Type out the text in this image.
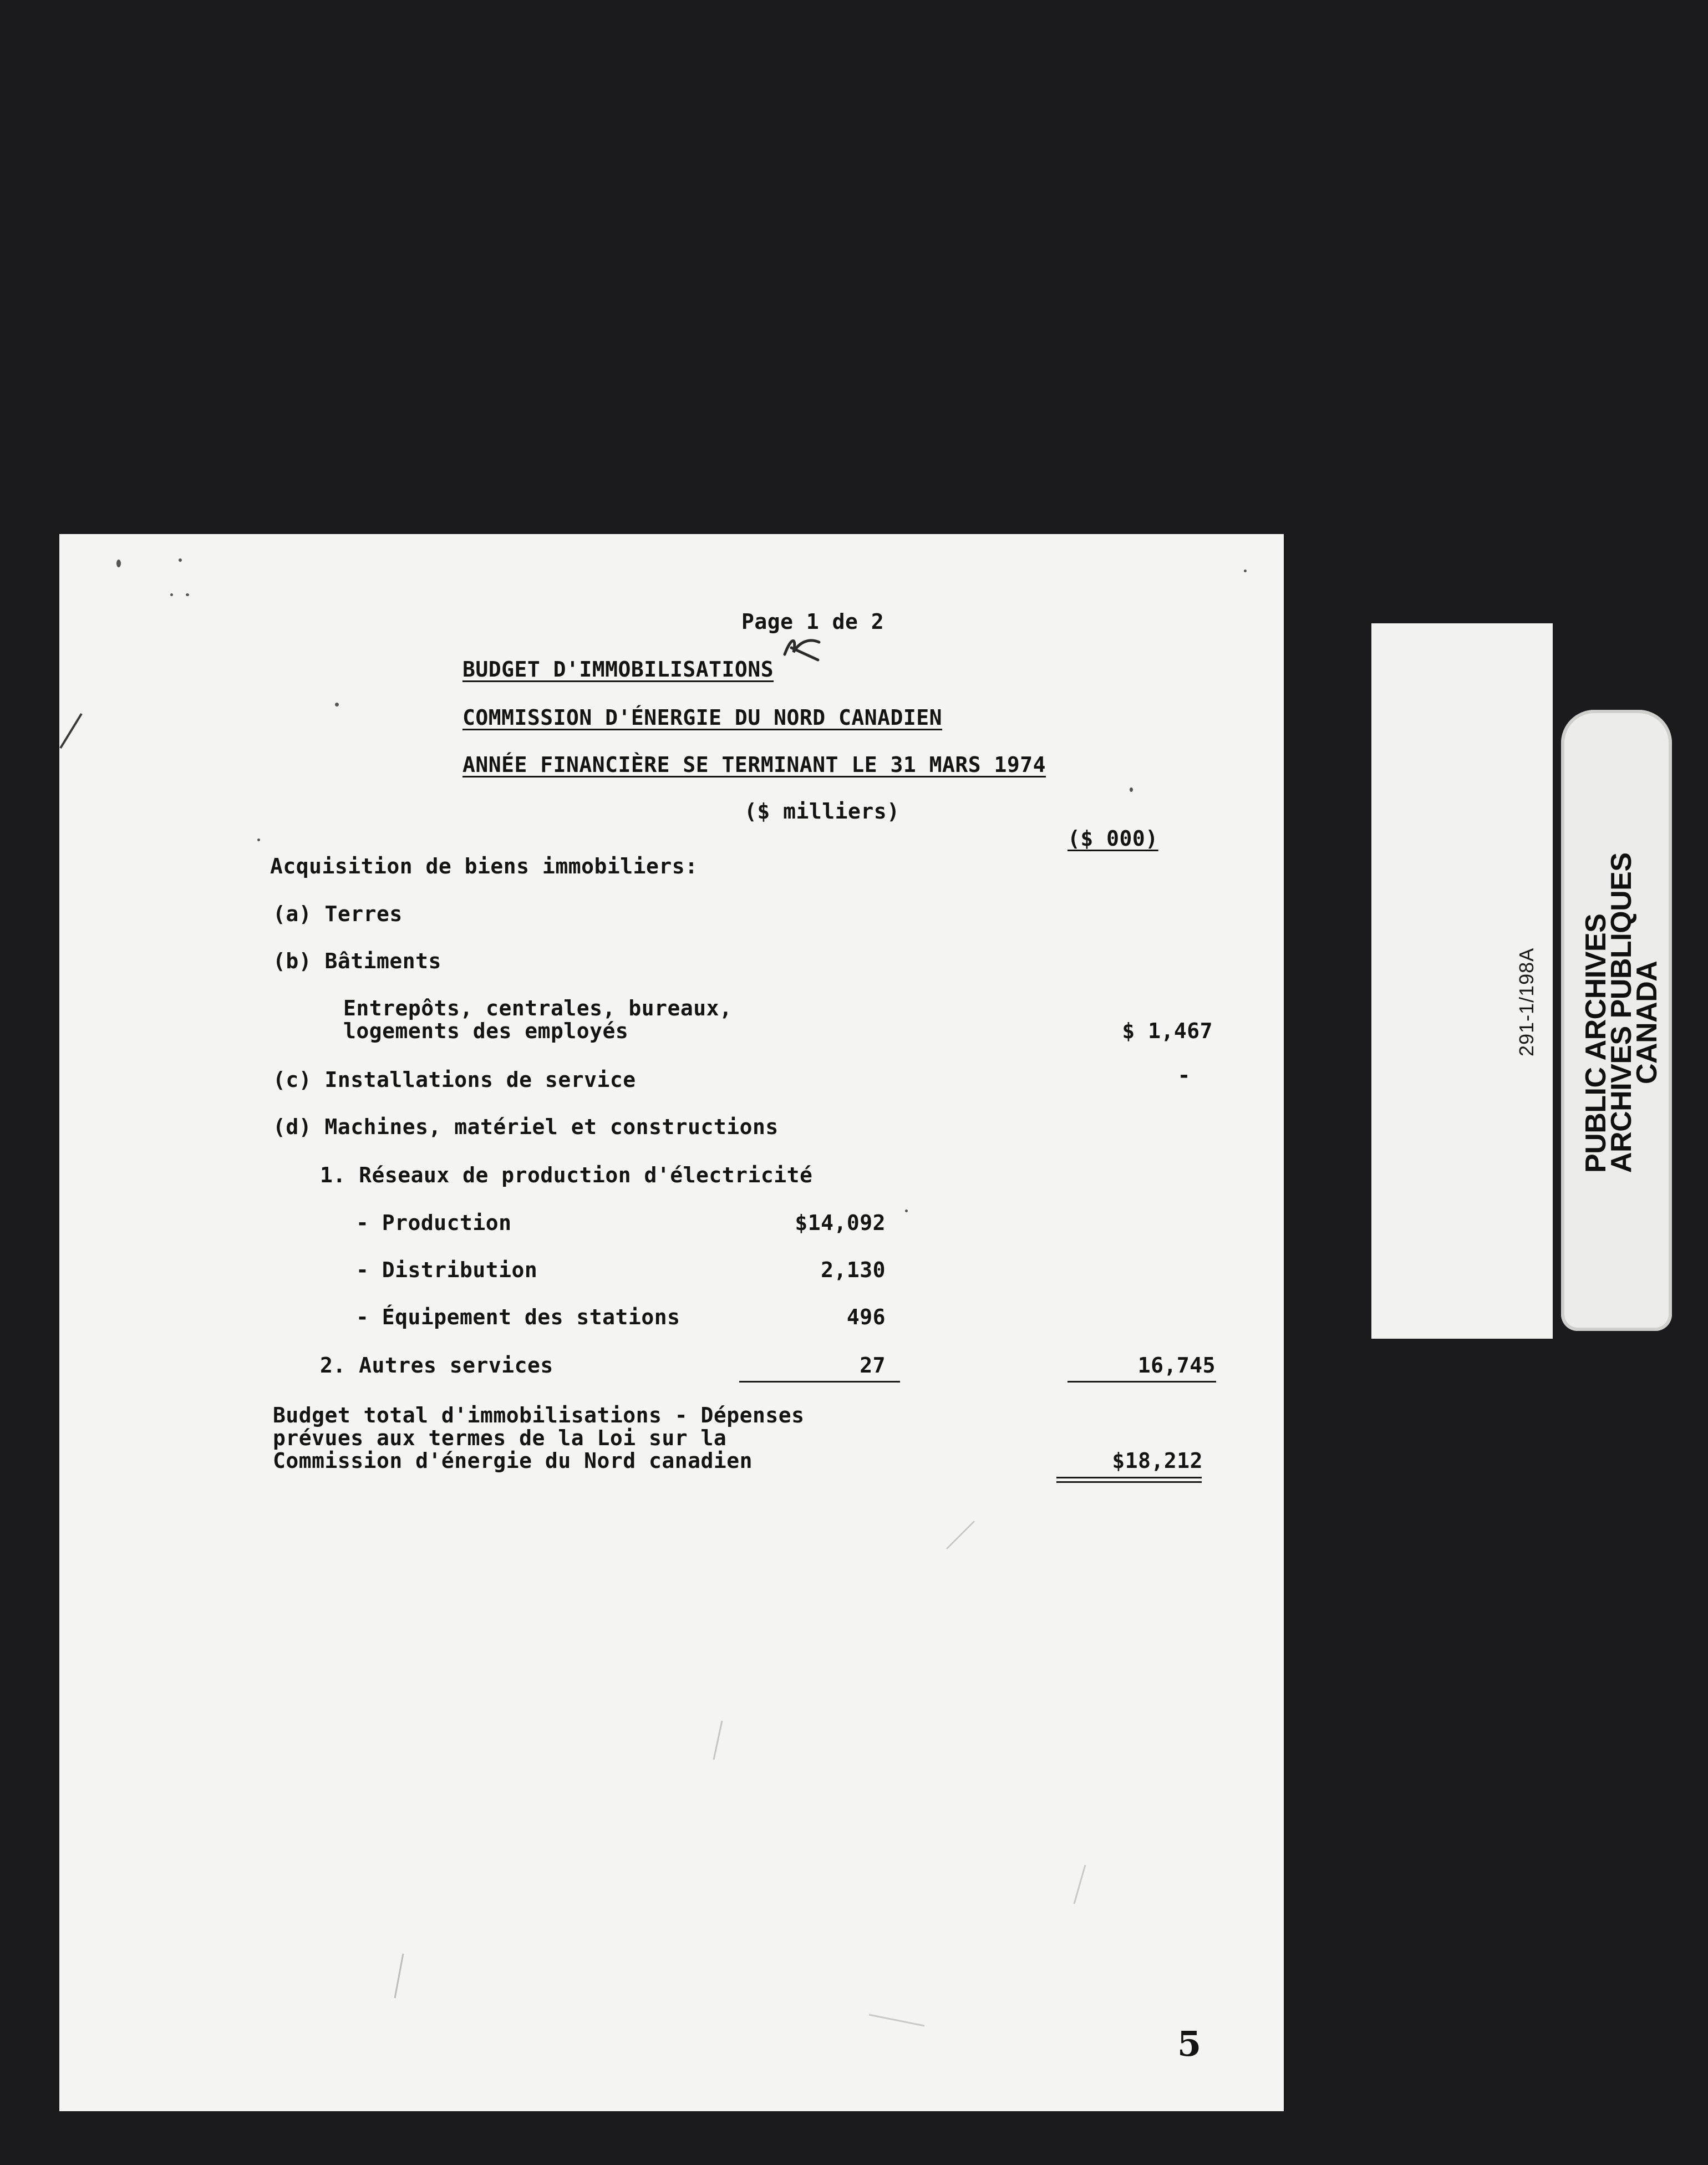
Page 1 de 2
BUDGET D'IMMOBILISATIONS
COMMISSION D'ÉNERGIE DU NORD CANADIEN
ANNÉE FINANCIÈRE SE TERMINANT LE 31 MARS 1974
($ milliers)
($ 000)
Acquisition de biens immobiliers:
(a) Terres
(b) Bâtiments
Entrepôts, centrales, bureaux,
logements des employés	$ 1,467
(c) Installations de service	-
(d) Machines, matériel et constructions
1. Réseaux de production d'électricité
- Production	$14,092
- Distribution	2,130
- Équipement des stations	496
2. Autres services	27	16,745
Budget total d'immobilisations - Dépenses
prévues aux termes de la Loi sur la
Commission d'énergie du Nord canadien	$18,212
5
291-1/198A PUBLIC ARCHIVES
ARCHIVES PUBLIQUES
CANADA
